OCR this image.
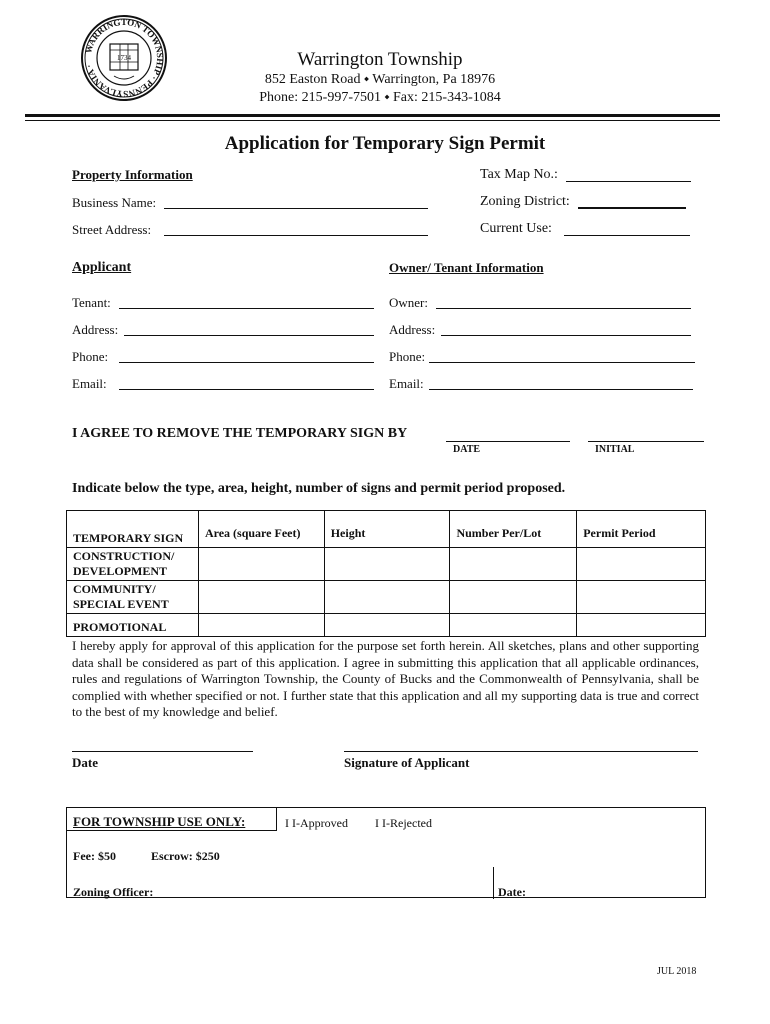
WARRINGTON TOWNSHIP · PENNSYLVANIA ·
1734	Warrington Township
852 Easton Road ⬩ Warrington, Pa 18976
Phone: 215-997-7501 ⬩ Fax: 215-343-1084
Application for Temporary Sign Permit
Property Information	Tax Map No.:
Business Name:	Zoning District:
Street Address:	Current Use:
Applicant	Owner/ Tenant Information
Tenant:	Owner:
Address:	Address:
Phone:	Phone:
Email:	Email:
I AGREE TO REMOVE THE TEMPORARY SIGN BY
DATE	INITIAL
Indicate below the type, area, height, number of signs and permit period proposed.
TEMPORARY SIGN	Area (square Feet)	Height	Number Per/Lot	Permit Period
CONSTRUCTION/ DEVELOPMENT				
COMMUNITY/ SPECIAL EVENT				
PROMOTIONAL				
I hereby apply for approval of this application for the purpose set forth herein. All sketches, plans and other supporting data shall be considered as part of this application. I agree in submitting this application that all applicable ordinances, rules and regulations of Warrington Township, the County of Bucks and the Commonwealth of Pennsylvania, shall be complied with whether specified or not. I further state that this application and all my supporting data is true and correct to the best of my knowledge and belief.
Date	Signature of Applicant
FOR TOWNSHIP USE ONLY:	I I-Approved I I-Rejected
Fee: $50	Escrow: $250
Zoning Officer:	Date:
JUL 2018
